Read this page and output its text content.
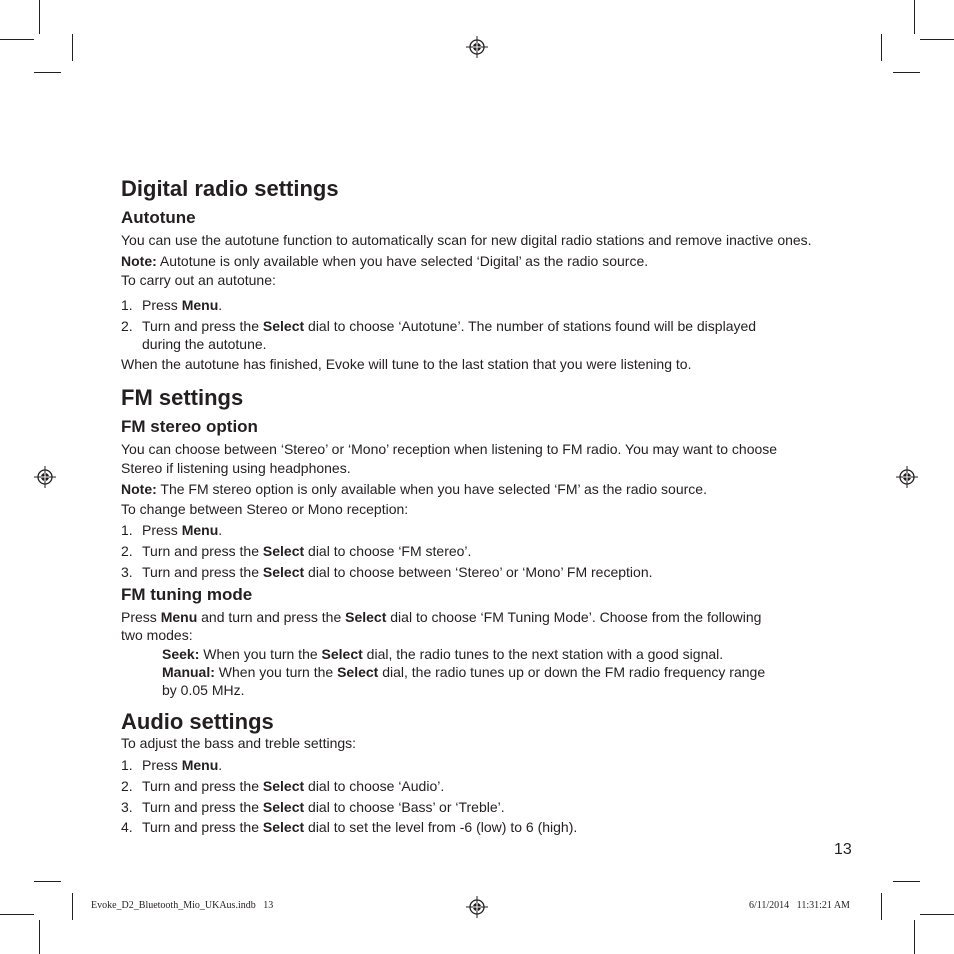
Digital radio settings
Autotune
You can use the autotune function to automatically scan for new digital radio stations and remove inactive ones.
Note: Autotune is only available when you have selected ‘Digital’ as the radio source.
To carry out an autotune:
1. Press Menu.
2. Turn and press the Select dial to choose ‘Autotune’. The number of stations found will be displayed
during the autotune.
When the autotune has finished, Evoke will tune to the last station that you were listening to.
FM settings
FM stereo option
You can choose between ‘Stereo’ or ‘Mono’ reception when listening to FM radio. You may want to choose
Stereo if listening using headphones.
Note: The FM stereo option is only available when you have selected ‘FM’ as the radio source.
To change between Stereo or Mono reception:
1. Press Menu.
2. Turn and press the Select dial to choose ‘FM stereo’.
3. Turn and press the Select dial to choose between ‘Stereo’ or ‘Mono’ FM reception.
FM tuning mode
Press Menu and turn and press the Select dial to choose ‘FM Tuning Mode’. Choose from the following
two modes:
Seek: When you turn the Select dial, the radio tunes to the next station with a good signal.
Manual: When you turn the Select dial, the radio tunes up or down the FM radio frequency range
by 0.05 MHz.
Audio settings
To adjust the bass and treble settings:
1. Press Menu.
2. Turn and press the Select dial to choose ‘Audio’.
3. Turn and press the Select dial to choose ‘Bass’ or ‘Treble’.
4. Turn and press the Select dial to set the level from -6 (low) to 6 (high).
13
Evoke_D2_Bluetooth_Mio_UKAus.indb   13	6/11/2014   11:31:21 AM
